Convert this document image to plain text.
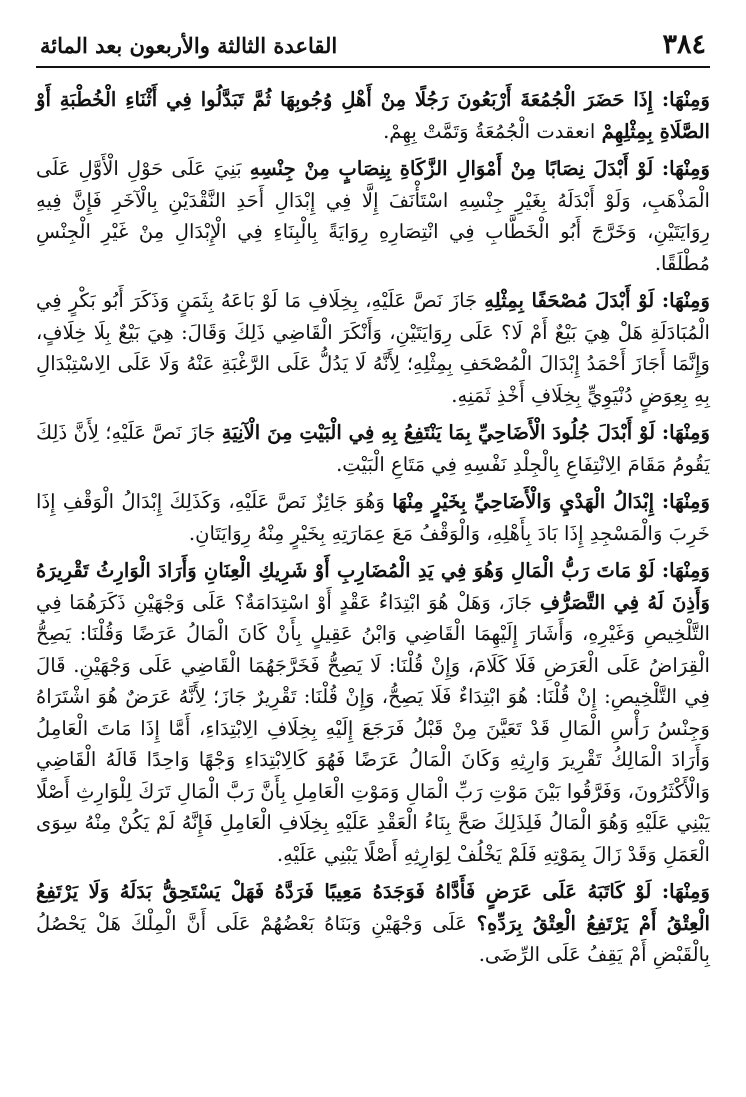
٣٨٤
القاعدة الثالثة والأربعون بعد المائة

وَمِنْهَا: إِذَا حَضَرَ الْجُمُعَةَ أَرْبَعُونَ رَجُلًا مِنْ أَهْلِ وُجُوبِهَا ثُمَّ تَبَدَّلُوا فِي أَثْنَاءِ الْخُطْبَةِ أَوْ الصَّلَاةِ بِمِثْلِهِمْ انعقدت الْجُمُعَةُ وَتَمَّتْ بِهِمْ.

وَمِنْهَا: لَوْ أَبْدَلَ نِصَابًا مِنْ أَمْوَالِ الزَّكَاةِ بِنِصَابٍ مِنْ جِنْسِهِ بَنِيَ عَلَى حَوْلِ الْأَوَّلِ عَلَى الْمَذْهَبِ، وَلَوْ أَبْدَلَهُ بِغَيْرِ جِنْسِهِ اسْتَأْنَفَ إِلَّا فِي إِبْدَالِ أَحَدِ النَّقْدَيْنِ بِالْآخَرِ فَإِنَّ فِيهِ رِوَايَتَيْنِ، وَخَرَّجَ أَبُو الْخَطَّابِ فِي انْتِصَارِهِ رِوَايَةً بِالْبِنَاءِ فِي الْإِبْدَالِ مِنْ غَيْرِ الْجِنْسِ مُطْلَقًا.

وَمِنْهَا: لَوْ أَبْدَلَ مُصْحَفًا بِمِثْلِهِ جَازَ نَصَّ عَلَيْهِ، بِخِلَافِ مَا لَوْ بَاعَهُ بِثَمَنٍ وَذَكَرَ أَبُو بَكْرٍ فِي الْمُبَادَلَةِ هَلْ هِيَ بَيْعٌ أَمْ لَا؟ عَلَى رِوَايَتَيْنِ، وَأَنْكَرَ الْقَاضِي ذَلِكَ وَقَالَ: هِيَ بَيْعٌ بِلَا خِلَافٍ، وَإِنَّمَا أَجَازَ أَحْمَدُ إِبْدَالَ الْمُصْحَفِ بِمِثْلِهِ؛ لِأَنَّهُ لَا يَدُلُّ عَلَى الرَّغْبَةِ عَنْهُ وَلَا عَلَى الِاسْتِبْدَالِ بِهِ بِعِوَضٍ دُنْيَوِيٍّ بِخِلَافِ أَخْذِ ثَمَنِهِ.

وَمِنْهَا: لَوْ أَبْدَلَ جُلُودَ الْأَضَاحِيِّ بِمَا يَنْتَفِعُ بِهِ فِي الْبَيْتِ مِنَ الْآنِيَةِ جَازَ نَصَّ عَلَيْهِ؛ لِأَنَّ ذَلِكَ يَقُومُ مَقَامَ الِانْتِفَاعِ بِالْجِلْدِ نَفْسِهِ فِي مَتَاعِ الْبَيْتِ.

وَمِنْهَا: إِبْدَالُ الْهَدْيِ وَالْأَضَاحِيِّ بِخَيْرٍ مِنْهَا وَهُوَ جَائِزٌ نَصَّ عَلَيْهِ، وَكَذَلِكَ إِبْدَالُ الْوَقْفِ إِذَا خَرِبَ وَالْمَسْجِدِ إِذَا بَادَ بِأَهْلِهِ، وَالْوَقْفُ مَعَ عِمَارَتِهِ بِخَيْرٍ مِنْهُ رِوَايَتَانِ.

وَمِنْهَا: لَوْ مَاتَ رَبُّ الْمَالِ وَهُوَ فِي يَدِ الْمُضَارِبِ أَوْ شَرِيكِ الْعِنَانِ وَأَرَادَ الْوَارِثُ تَقْرِيرَهُ وَأَذِنَ لَهُ فِي التَّصَرُّفِ جَازَ، وَهَلْ هُوَ ابْتِدَاءُ عَقْدٍ أَوْ اسْتِدَامَةٌ؟ عَلَى وَجْهَيْنِ ذَكَرَهُمَا فِي التَّلْخِيصِ وَغَيْرِهِ، وَأَشَارَ إِلَيْهِمَا الْقَاضِي وَابْنُ عَقِيلٍ بِأَنْ كَانَ الْمَالُ عَرَضًا وَقُلْنَا: يَصِحُّ الْقِرَاضُ عَلَى الْعَرَضِ فَلَا كَلَامَ، وَإِنْ قُلْنَا: لَا يَصِحُّ فَخَرَّجَهُمَا الْقَاضِي عَلَى وَجْهَيْنِ. قَالَ فِي التَّلْخِيصِ: إِنْ قُلْنَا: هُوَ ابْتِدَاءٌ فَلَا يَصِحُّ، وَإِنْ قُلْنَا: تَقْرِيرٌ جَازَ؛ لِأَنَّهُ عَرَضٌ هُوَ اشْتَرَاهُ وَجِنْسُ رَأْسِ الْمَالِ قَدْ تَعَيَّنَ مِنْ قَبْلُ فَرَجَعَ إِلَيْهِ بِخِلَافِ الِابْتِدَاءِ، أَمَّا إِذَا مَاتَ الْعَامِلُ وَأَرَادَ الْمَالِكُ تَقْرِيرَ وَارِثِهِ وَكَانَ الْمَالُ عَرَضًا فَهُوَ كَالِابْتِدَاءِ وَجْهًا وَاحِدًا قَالَهُ الْقَاضِي وَالْأَكْثَرُونَ، وَفَرَّقُوا بَيْنَ مَوْتِ رَبِّ الْمَالِ وَمَوْتِ الْعَامِلِ بِأَنَّ رَبَّ الْمَالِ تَرَكَ لِلْوَارِثِ أَصْلًا يَبْنِي عَلَيْهِ وَهُوَ الْمَالُ فَلِذَلِكَ صَحَّ بِنَاءُ الْعَقْدِ عَلَيْهِ بِخِلَافِ الْعَامِلِ فَإِنَّهُ لَمْ يَكُنْ مِنْهُ سِوَى الْعَمَلِ وَقَدْ زَالَ بِمَوْتِهِ فَلَمْ يَخْلُفْ لِوَارِثِهِ أَصْلًا يَبْنِي عَلَيْهِ.

وَمِنْهَا: لَوْ كَاتَبَهُ عَلَى عَرَضٍ فَأَدَّاهُ فَوَجَدَهُ مَعِيبًا فَرَدَّهُ فَهَلْ يَسْتَحِقُّ بَدَلَهُ وَلَا يَرْتَفِعُ الْعِتْقُ أَمْ يَرْتَفِعُ الْعِتْقُ بِرَدِّهِ؟ عَلَى وَجْهَيْنِ وَبَنَاهُ بَعْضُهُمْ عَلَى أَنَّ الْمِلْكَ هَلْ يَحْصُلُ بِالْقَبْضِ أَمْ يَقِفُ عَلَى الرِّضَى.
